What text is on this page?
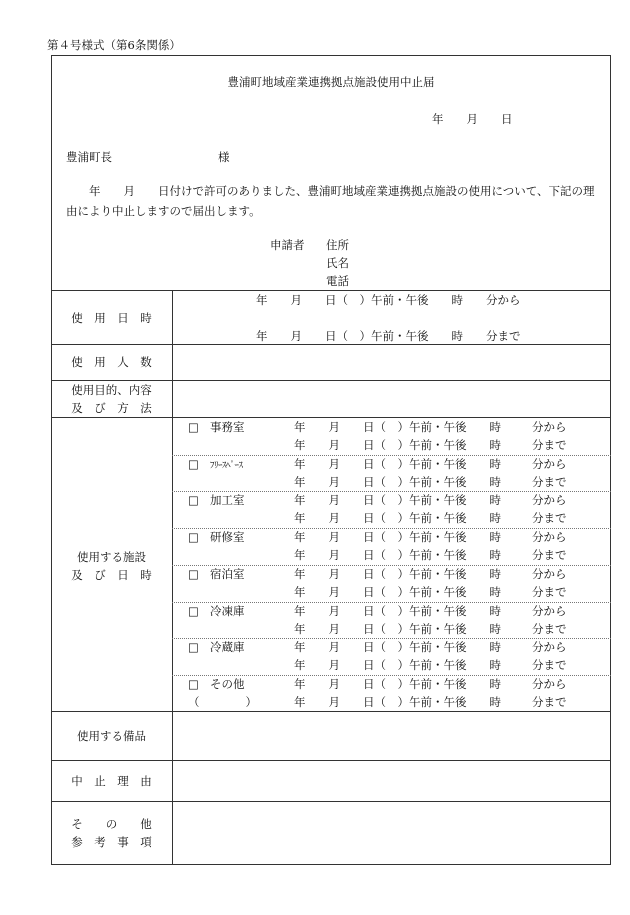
第４号様式（第6条関係）
豊浦町地域産業連携拠点施設使用中止届
年　　月　　日
豊浦町長	様
年　　月　　日付けで許可のありました、豊浦町地域産業連携拠点施設の使用について、下記の理
由により中止しますので届出します。
申請者 住所
氏名
電話
使　用　日　時
年　　月　　日（　）午前・午後　　時　　分から
年　　月　　日（　）午前・午後　　時　　分まで
使　用　人　数
使用目的、内容
及　び　方　法
使用する施設
及　び　日　時
□ 事務室	年　　月　　日（　）午前・午後　　時	分から
年　　月　　日（　）午前・午後　　時	分まで
□ ﾌﾘｰｽﾍﾟｰｽ	年　　月　　日（　）午前・午後　　時	分から
年　　月　　日（　）午前・午後　　時	分まで
□ 加工室	年　　月　　日（　）午前・午後　　時	分から
年　　月　　日（　）午前・午後　　時	分まで
□ 研修室	年　　月　　日（　）午前・午後　　時	分から
年　　月　　日（　）午前・午後　　時	分まで
□ 宿泊室	年　　月　　日（　）午前・午後　　時	分から
年　　月　　日（　）午前・午後　　時	分まで
□ 冷凍庫	年　　月　　日（　）午前・午後　　時	分から
年　　月　　日（　）午前・午後　　時	分まで
□ 冷蔵庫	年　　月　　日（　）午前・午後　　時	分から
年　　月　　日（　）午前・午後　　時	分まで
□ その他
（　　　　）
年　　月　　日（　）午前・午後　　時	分から
年　　月　　日（　）午前・午後　　時	分まで
使用する備品
中　止　理　由
そ　　の　　他
参　考　事　項
